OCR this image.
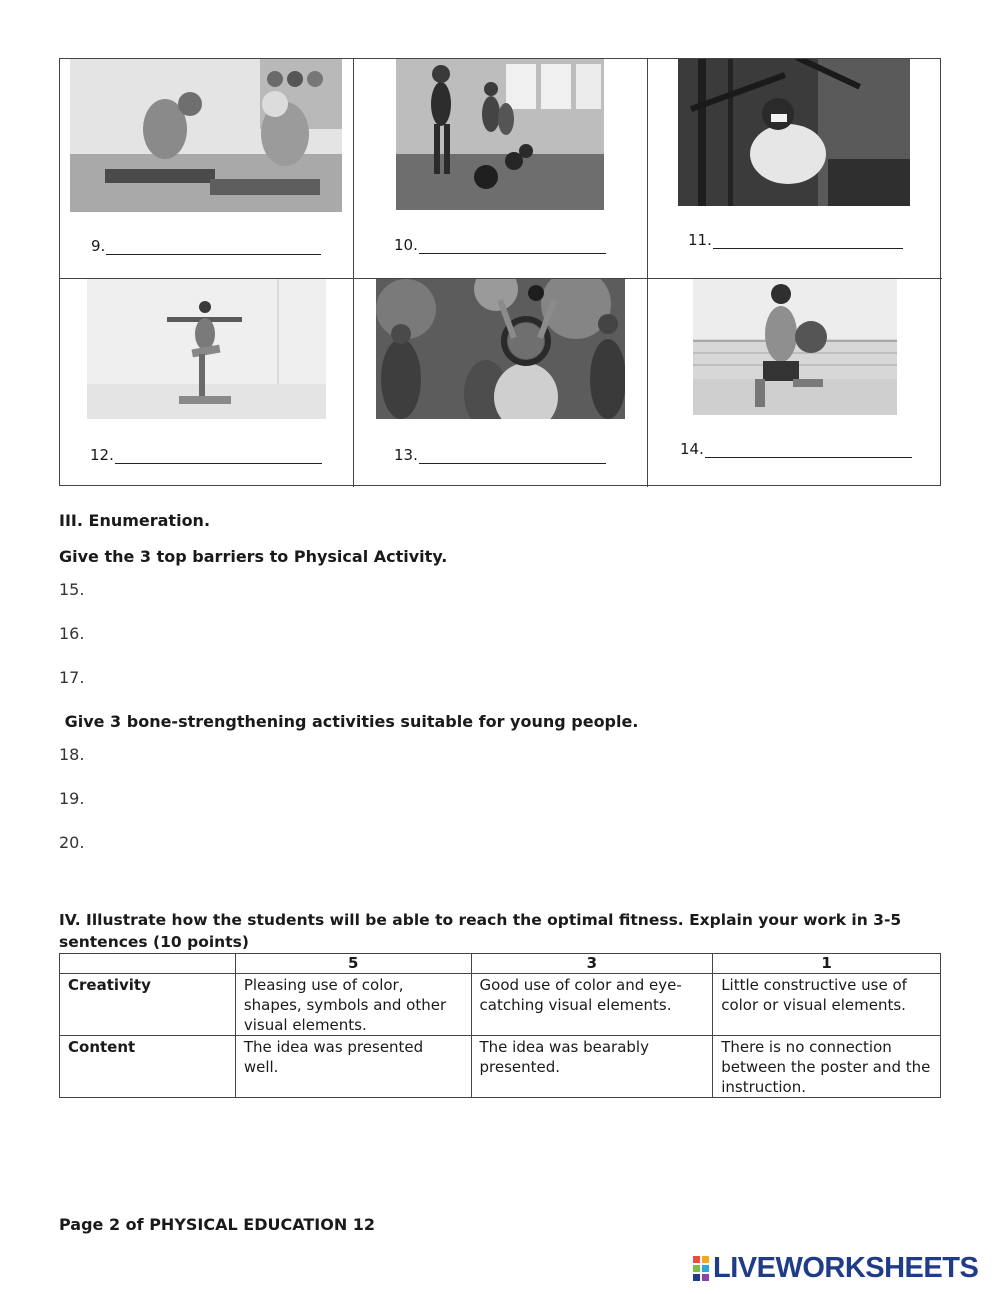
9.	10.	11.
12.	13.	14.
III. Enumeration.
Give the 3 top barriers to Physical Activity.
15.
16.
17.
Give 3 bone-strengthening activities suitable for young people.
18.
19.
20.
IV. Illustrate how the students will be able to reach the optimal fitness. Explain your work in 3-5
sentences (10 points)
	5	3	1
Creativity	Pleasing use of color, shapes, symbols and other visual elements.	Good use of color and eye-catching visual elements.	Little constructive use of color or visual elements.
Content	The idea was presented well.	The idea was bearably presented.	There is no connection between the poster and the instruction.
Page 2 of PHYSICAL EDUCATION 12
LIVEWORKSHEETS
